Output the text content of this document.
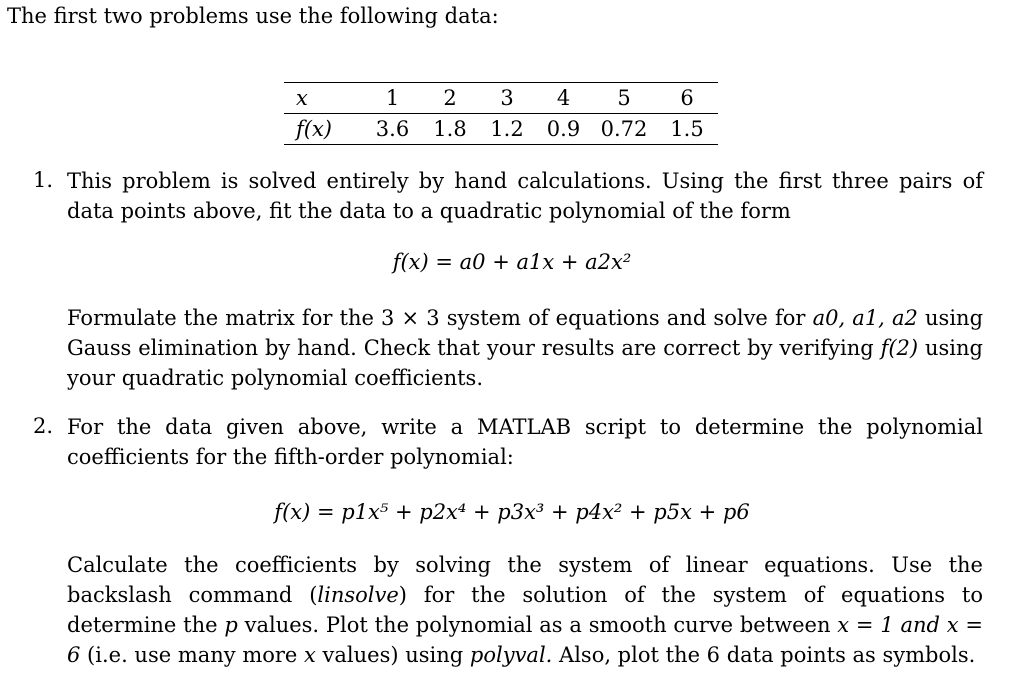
The first two problems use the following data:
x	1	2	3	4	5	6
f(x)	3.6	1.8	1.2	0.9	0.72	1.5
1. This problem is solved entirely by hand calculations. Using the first three pairs of data points above, fit the data to a quadratic polynomial of the form
f(x) = a0 + a1x + a2x²
Formulate the matrix for the 3 × 3 system of equations and solve for a0, a1, a2 using Gauss elimination by hand. Check that your results are correct by verifying f(2) using your quadratic polynomial coefficients.
2. For the data given above, write a MATLAB script to determine the polynomial coefficients for the fifth-order polynomial:
f(x) = p1x⁵ + p2x⁴ + p3x³ + p4x² + p5x + p6
Calculate the coefficients by solving the system of linear equations. Use the backslash command (linsolve) for the solution of the system of equations to determine the p values. Plot the polynomial as a smooth curve between x = 1 and x = 6 (i.e. use many more x values) using polyval. Also, plot the 6 data points as symbols.
